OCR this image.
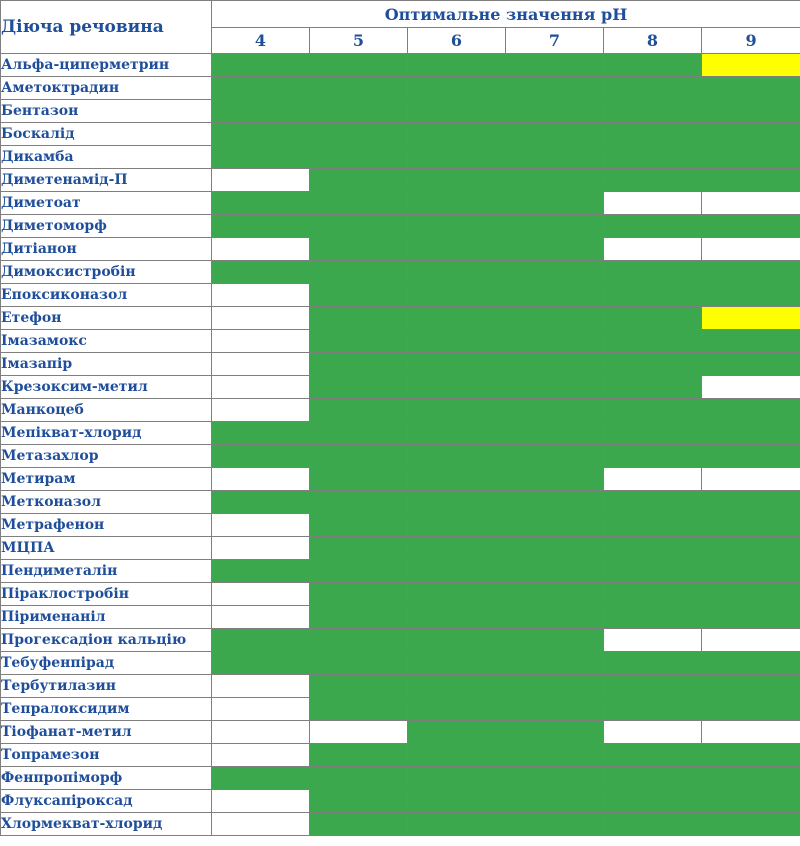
Діюча речовина	Оптимальне значення pH					
	4	5	6	7	8	9
Альфа-циперметрин						
Аметоктрадин						
Бентазон						
Боскалід						
Дикамба						
Диметенамід-П						
Диметоат						
Диметоморф						
Дитіанон						
Димоксистробін						
Епоксиконазол						
Етефон						
Імазамокс						
Імазапір						
Крезоксим-метил						
Манкоцеб						
Мепікват-хлорид						
Метазахлор						
Метирам						
Метконазол						
Метрафенон						
МЦПА						
Пендиметалін						
Піраклостробін						
Пірименаніл						
Прогексадіон кальцію						
Тебуфенпірад						
Тербутилазин						
Тепралоксидим						
Тіофанат-метил						
Топрамезон						
Фенпропіморф						
Флуксапіроксад						
Хлормекват-хлорид						
